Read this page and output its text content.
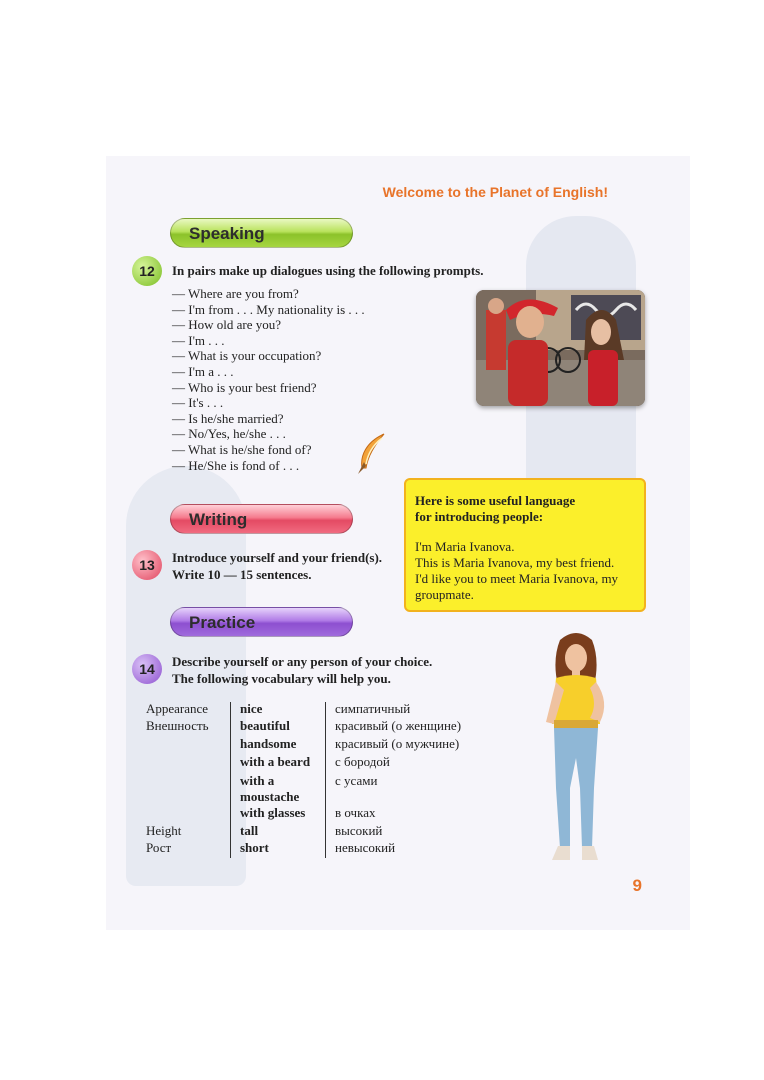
Welcome to the Planet of English!
Speaking
12	In pairs make up dialogues using the following prompts.
— Where are you from?
— I'm from . . . My nationality is . . .
— How old are you?
— I'm . . .
— What is your occupation?
— I'm a . . .
— Who is your best friend?
— It's . . .
— Is he/she married?
— No/Yes, he/she . . .
— What is he/she fond of?
— He/She is fond of . . .
Here is some useful language
for introducing people:
I'm Maria Ivanova.
This is Maria Ivanova, my best friend.
I'd like you to meet Maria Ivanova, my
groupmate.
Writing
13	Introduce yourself and your friend(s).
Write 10 — 15 sentences.
Practice
14	Describe yourself or any person of your choice.
The following vocabulary will help you.
Appearance nice	симпатичный
Внешность beautiful	красивый (о женщине)
handsome	красивый (о мужчине)
with a beard с бородой
with a	с усами
moustache
with glasses в очках
Height	tall	высокий
Рост	short	невысокий
9
